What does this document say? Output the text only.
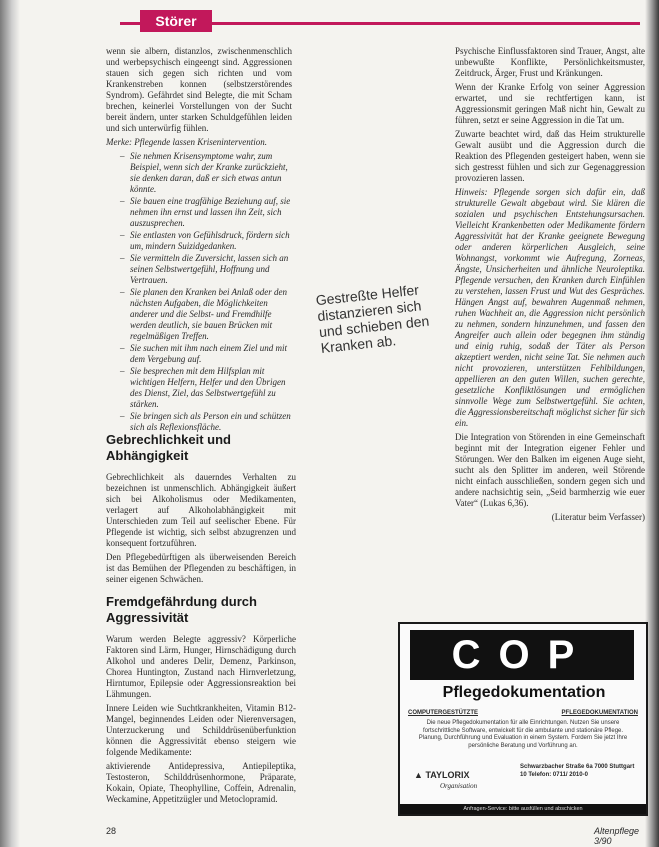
Störer

wenn sie albern, distanzlos, zwischenmenschlich und werbepsychisch eingeengt sind. Aggressionen stauen sich gegen sich richten und vom Krankenstreben konnen (selbstzerstörendes Syndrom). Gefährdet sind Belegte, die mit Scham brechen, keinerlei Vorstellungen von der Sucht bereit ändern, unter starken Schuldgefühlen leiden und sich unterwürfig fühlen.

Merke: Pflegende lassen Krisenintervention.

– Sie nehmen Krisensymptome wahr, zum Beispiel, wenn sich der Kranke zurückzieht, sie denken daran, daß er sich etwas antun könnte.
– Sie bauen eine tragfähige Beziehung auf, sie nehmen ihn ernst und lassen ihn Zeit, sich auszusprechen.
– Sie entlasten von Gefühlsdruck, fördern sich um, mindern Suizidgedanken.
– Sie vermitteln die Zuversicht, lassen sich an seinen Selbstwertgefühl, Hoffnung und Vertrauen.
– Sie planen den Kranken bei Anlaß oder den nächsten Aufgaben, die Möglichkeiten anderer und die Selbst- und Fremdhilfe werden deutlich, sie bauen Brücken mit regelmäßigen Treffen.
– Sie suchen mit ihm nach einem Ziel und mit dem Vergebung auf.
– Sie besprechen mit dem Hilfsplan mit wichtigen Helfern, Helfer und den Übrigen des Dienst, Ziel, das Selbstwertgefühl zu stärken.
– Sie bringen sich als Person ein und schützen sich als Reflexionsfläche.
Gebrechlichkeit und Abhängigkeit

Gebrechlichkeit als dauerndes Verhalten zu bezeichnen ist unmenschlich. Abhängigkeit äußert sich bei Alkoholismus oder Medikamenten, verlagert auf Alkoholabhängigkeit mit Unterschieden zum Teil auf seelischer Ebene. Für Pflegende ist wichtig, sich selbst abzugrenzen und konsequent fortzuführen.

Den Pflegebedürftigen als überweisenden Bereich ist das Bemühen der Pflegenden zu beschäftigen, in seiner eigenen Schwächen.

Fremdgefährdung durch Aggressivität

Warum werden Belegte aggressiv? Körperliche Faktoren sind Lärm, Hunger, Hirnschädigung durch Alkohol und anderes Delir, Demenz, Parkinson, Chorea Huntington, Zustand nach Hirnverletzung, Hirntumor, Epilepsie oder Aggressionsreaktion bei Lähmungen.

Innere Leiden wie Suchtkrankheiten, Vitamin B12-Mangel, beginnendes Leiden oder Nierenversagen, Unterzuckerung und Schilddrüsenüberfunktion können die Aggressivität ebenso steigern wie folgende Medikamente:

aktivierende Antidepressiva, Antiepileptika, Testosteron, Schilddrüsenhormone, Präparate, Kokain, Opiate, Theophylline, Coffein, Adrenalin, Weckamine, Appetitzügler und Metoclopramid.

Gestreßte Helfer distanzieren sich und schieben den Kranken ab.

Psychische Einflussfaktoren sind Trauer, Angst, alte unbewußte Konflikte, Persönlichkeitsmuster, Zeitdruck, Ärger, Frust und Kränkungen.

Wenn der Kranke Erfolg von seiner Aggression erwartet, und sie rechtfertigen kann, ist Aggressionsmit geringen Maß nicht hin, Gewalt zu führen, setzt er seine Aggression in die Tat um.

Zuwarte beachtet wird, daß das Heim strukturelle Gewalt ausübt und die Aggression durch die Reaktion des Pflegenden gesteigert haben, wenn sie sich gestresst fühlen und sich zur Gegenaggression provozieren lassen.

Hinweis: Pflegende sorgen sich dafür ein, daß strukturelle Gewalt abgebaut wird. Sie klären die sozialen und psychischen Entstehungsursachen. Vielleicht Krankenbetten oder Medikamente fördern Aggressivität hat der Kranke geeignete Bewegung oder anderen körperlichen Ausgleich, seine Wohnangst, vorkommt wie Aufregung, Zorneas, Ängste, Unsicherheiten und ähnliche Neuroleptika. Pflegende versuchen, den Kranken durch Einfühlen zu verstehen, lassen Frust und Wut des Gespräches. Hängen Angst auf, bewahren Augenmaß nehmen, ruhen Wachheit an, die Aggression nicht persönlich zu nehmen, sondern hinzunehmen, und fassen den Angreifer auch allein oder begegnen ihm ständig und einig ruhig, sodaß der Täter als Person akzeptiert werden, nicht seine Tat. Sie nehmen auch nicht provozieren, unterstützen Fehlbildungen, appellieren an den guten Willen, suchen gerechte, gesetzliche Konfliktlösungen und ermöglichen sinnvolle Wege zum Selbstwertgefühl. Sie achten, die Aggressionsbereitschaft möglichst sicher für sich ein.

Die Integration von Störenden in eine Gemeinschaft beginnt mit der Integration eigener Fehler und Störungen. Wer den Balken im eigenen Auge sieht, sucht als den Splitter im anderen, weil Störende nicht einfach ausschließen, sondern gegen sich und andere nachsichtig sein, „Seid barmherzig wie euer Vater“ (Lukas 6,36).

(Literatur beim Verfasser)

COP
Pflegedokumentation
COMPUTERGESTÜTZTE	PFLEGEDOKUMENTATION
Die neue Pflegedokumentation für alle Einrichtungen. Nutzen Sie unsere fortschrittliche Software, entwickelt für die ambulante und stationäre Pflege. Planung, Durchführung und Evaluation in einem System. Fordern Sie jetzt Ihre persönliche Beratung und Vorführung an.
▲ TAYLORIX
Organisation
Schwarzbacher Straße 6a 7000 Stuttgart 10 Telefon: 0711/ 2010-0
Anfragen-Service: bitte ausfüllen und abschicken
28	Altenpflege 3/90
